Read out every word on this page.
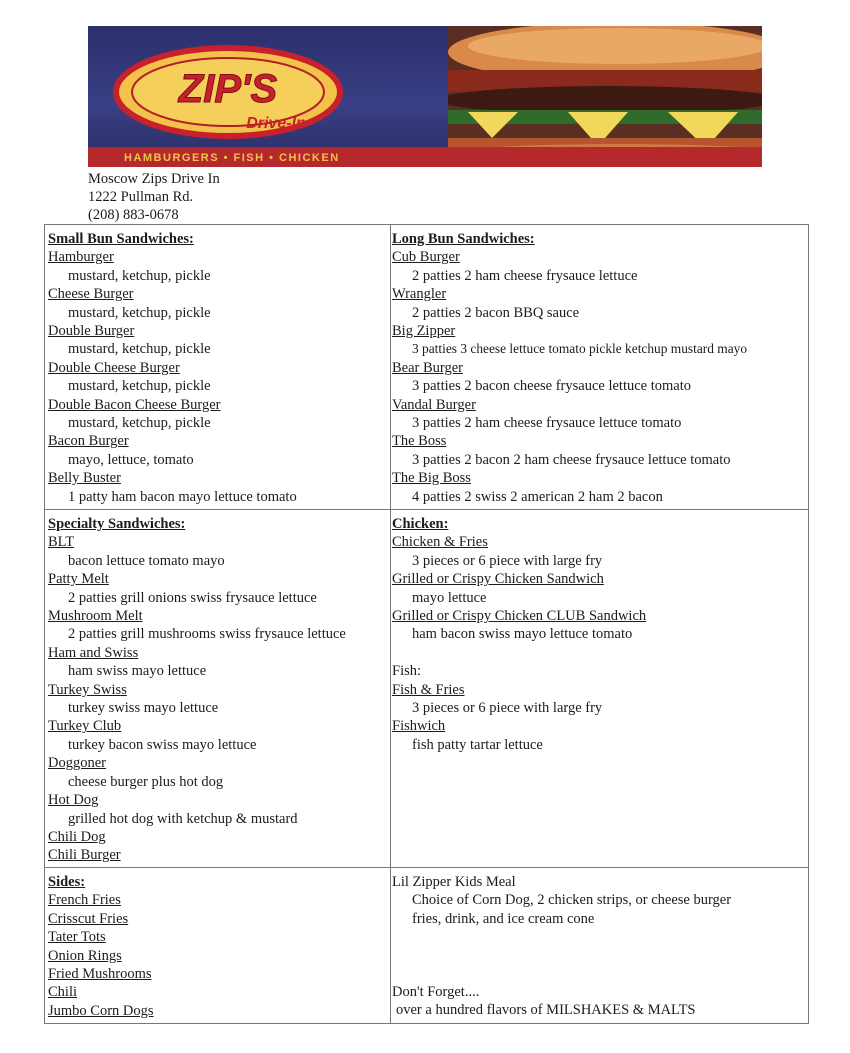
ZIP'S
Drive-In
HAMBURGERS • FISH • CHICKEN
Moscow Zips Drive In
1222 Pullman Rd.
(208) 883-0678
Small Bun Sandwiches:
Hamburger
mustard, ketchup, pickle
Cheese Burger
mustard, ketchup, pickle
Double Burger
mustard, ketchup, pickle
Double Cheese Burger
mustard, ketchup, pickle
Double Bacon Cheese Burger
mustard, ketchup, pickle
Bacon Burger
mayo, lettuce, tomato
Belly Buster
1 patty ham bacon mayo lettuce tomato
Long Bun Sandwiches:
Cub Burger
2 patties 2 ham cheese frysauce lettuce
Wrangler
2 patties 2 bacon BBQ sauce
Big Zipper
3 patties 3 cheese lettuce tomato pickle ketchup mustard mayo
Bear Burger
3 patties 2 bacon cheese frysauce lettuce tomato
Vandal Burger
3 patties 2 ham cheese frysauce lettuce tomato
The Boss
3 patties 2 bacon 2 ham cheese frysauce lettuce tomato
The Big Boss
4 patties 2 swiss 2 american 2 ham 2 bacon
Specialty Sandwiches:
BLT
bacon lettuce tomato mayo
Patty Melt
2 patties grill onions swiss frysauce lettuce
Mushroom Melt
2 patties grill mushrooms swiss frysauce lettuce
Ham and Swiss
ham swiss mayo lettuce
Turkey Swiss
turkey swiss mayo lettuce
Turkey Club
turkey bacon swiss mayo lettuce
Doggoner
cheese burger plus hot dog
Hot Dog
grilled hot dog with ketchup & mustard
Chili Dog
Chili Burger
Chicken:
Chicken & Fries
3 pieces or 6 piece with large fry
Grilled or Crispy Chicken Sandwich
mayo lettuce
Grilled or Crispy Chicken CLUB Sandwich
ham bacon swiss mayo lettuce tomato
Fish:
Fish & Fries
3 pieces or 6 piece with large fry
Fishwich
fish patty tartar lettuce
Sides:
French Fries
Crisscut Fries
Tater Tots
Onion Rings
Fried Mushrooms
Chili
Jumbo Corn Dogs
Lil Zipper Kids Meal
Choice of Corn Dog, 2 chicken strips, or cheese burger
fries, drink, and ice cream cone
Don't Forget....
over a hundred flavors of MILSHAKES & MALTS
